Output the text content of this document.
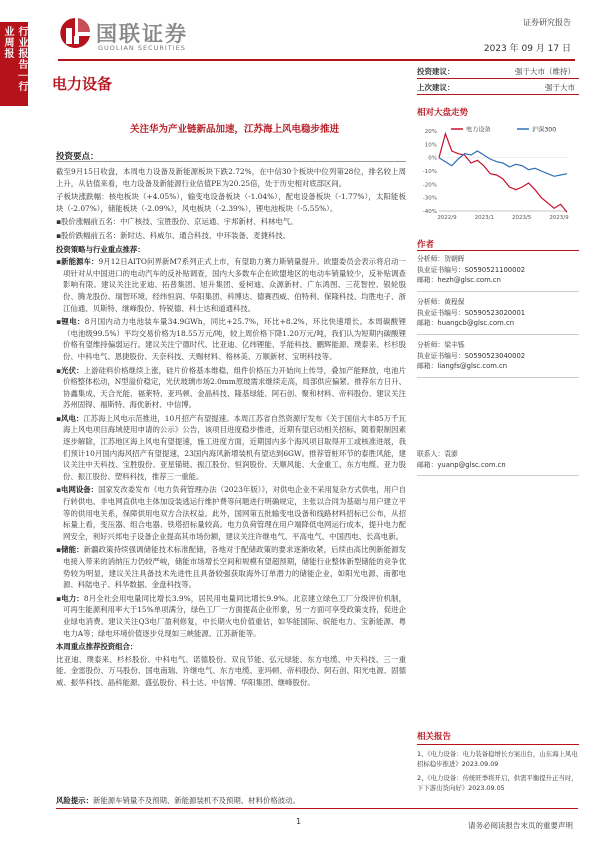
行业报告｜行业周报	国联证券
GUOLIAN SECURITIES
证券研究报告
2023 年 09 月 17 日
电力设备
关注华为产业链新品加速，江苏海上风电稳步推进
投资建议：	强于大市（维持）
上次建议：	强于大市
相对大盘走势
电力设备	沪深300
20%
10%
0%
-10%
-20%
-30%
-40%
2022/9	2023/1	2023/5	2023/9
投资要点：

截至9月15日收盘，本周电力设备及新能源板块下跌2.72%，在中信30个板块中位列第28位，排名较上周上升，从估值来看，电力设备及新能源行业估值PE为20.25倍，处于历史相对底部区间。

子板块涨跌幅：核电板块（+4.05%），输变电设备板块（-1.04%），配电设备板块（-1.77%），太阳能板块（-2.07%），储能板块（-2.09%），风电板块（-2.39%），锂电池板块（-5.55%）。

▪股价涨幅前五名：中广核技、宝胜股份、京运通、宇邦新材、科林电气。

▪股价跌幅前五名：新时达、科威尔、通合科技、中环装备、麦捷科技。

投资策略与行业重点推荐：

▪新能源车：9月12日AITO问界新M7系列正式上市，有望助力赛力斯销量提升。欧盟委员会表示将启动一项针对从中国进口的电动汽车的反补贴调查，国内大多数车企在欧盟地区的电动车销量较少，反补贴调查影响有限。建议关注比亚迪、拓普集团、旭升集团、爱柯迪、众源新材、广东鸿图、三花智控、银轮股份、腾龙股份、瑞智环境、经纬恒润、华阳集团、科博达、德赛西威、伯特利、保隆科技、均胜电子、浙江仙通、贝斯特、继峰股份、特锐德、科士达和道通科技。

▪锂电：8月国内动力电池装车量34.9GWh，同比+25.7%，环比+8.2%，环比快速增长。本周碳酸锂（电池级99.5%）平均交易价格为18.55万元/吨，较上周价格下降1.20万元/吨，我们认为短期内碳酸锂价格有望维持偏弱运行。建议关注宁德时代、比亚迪、亿纬锂能、孚能科技、鹏辉能源、璞泰来、杉杉股份、中科电气、恩捷股份、天奈科技、天赐材料、格林美、万顺新材、宝明科技等。

▪光伏：上游硅料价格继续上涨，硅片价格基本维稳，组件价格压力开始向上传导，叠加产能释放，电池片价格整体松动，N型溢价稳定，光伏玻璃市场2.0mm原玻需求继续走高，局部供应偏紧。推荐东方日升、协鑫集成、天合光能、福莱特、亚玛顿、金晶科技、隆基绿能、阿石创、聚和材料、帝科股份、建议关注苏州固锝、福斯特、海优新材、中信博。

▪风电：江苏海上风电示范推进，10月招产有望提速。本周江苏省自然资源厅发布《关于国信大丰85万千瓦海上风电项目海域使用申请的公示》公告，该项目进度稳步推进，近期有望启动相关招标，随着限制因素逐步解除，江苏地区海上风电有望提速，施工进度方面，近期国内多个海风项目取得开工或核准进展，我们预计10月国内海风招产有望提速，23国内海风新增装机有望达到6GW。推荐管桩环节的泰胜风能，建议关注中天科技、宝胜股份、亚星锚链、振江股份、恒润股份、天顺风能、大金重工、东方电缆、亚力股份、振江股份、塑料科技，推荐三一重能。

▪电网设备：国家发改委发布《电力负荷管理办法（2023年版）》，对供电企业不采用复杂方式供电，用户自行转供电、非电网直供电主体加设装逃运行维护费等问题进行明确规定，主张以合同为基础与用户建立平等的供用电关系，保障供用电双方合法权益。此外，国网第五批输变电设备和线路材料招标已公布，从招标量上看，变压器、组合电器、铁塔招标量较高。电力负荷管理在用户端降低电网运行成本，提升电力配网安全，利好兴邦电子设备企业提高其市场份额，建议关注许继电气、平高电气、中国西电、长高电新。

▪储能：新疆政策持续强调储能技术标准配储，各地对于配储政策的要求逐渐收紧，后续由高比例新能源发电接入带来的消纳压力仍较严峻，储能市场增长空间和规模有望超预期，储能行业整体新型储能的竞争优势较为明显，建议关注具备技术先进性且具备较强获取海外订单潜力的储能企业，如阳光电源、南都电源、科陆电子、科华数据、金盘科技等。

▪电力：8月全社会用电量同比增长3.9%，居民用电量同比增长9.9%。北京建立绿色工厂分级评价机制，可再生能源利用率大于15%单项满分，绿色工厂一方面提高企业形象，另一方面可享受政策支持，促进企业绿电消费。建议关注Q3电厂盈利修复，中长期火电价值重估，如华能国际、皖能电力、宝新能源、粤电力A等；绿电环境价值逐步兑现如三峡能源、江苏新能等。

本周重点推荐投资组合：

比亚迪、璞泰来、杉杉股份、中科电气、诺德股份、双良节能、弘元绿能、东方电缆、中天科技、三一重能、金雷股份、万马股份、国电南瑞、许继电气、东方电缆、亚玛顿、帝科股份、阿石创、阳光电源、固德威、振华科技、晶科能源、盛弘股份、科士达、中信博、华阳集团、继峰股份。

风险提示：新能源车销量不及预期、新能源装机不及预期、材料价格波动。
作者
分析师：贺朝晖
执业证书编号：S0590521100002
邮箱：hezh@glsc.com.cn
分析师：黄程保
执业证书编号：S0590523020001
邮箱：huangcb@glsc.com.cn
分析师：梁丰铄
执业证书编号：S0590523040002
邮箱：liangfs@glsc.com.cn
联系人：袁澎
邮箱：yuanp@glsc.com.cn
相关报告
1、《电力设备：电力装备稳增长方案出台，山东海上风电招标稳步推进》2023.09.09
2、《电力设备：传统旺季将开启，供需平衡提升正当时，下下游出货向好》2023.09.05
1	请务必阅读报告末页的重要声明
